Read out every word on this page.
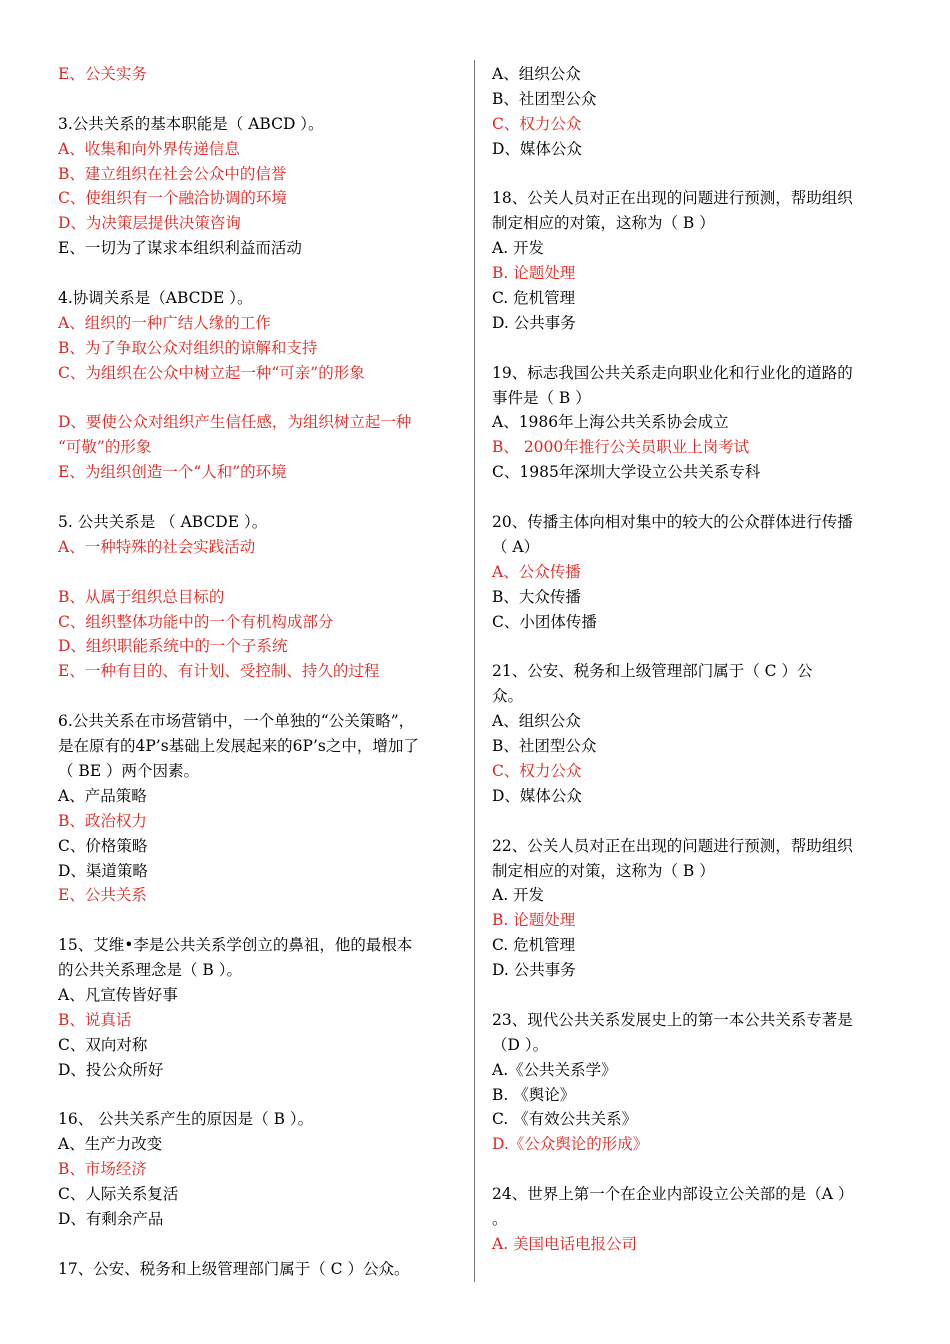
E、公关实务
3.公共关系的基本职能是（ ABCD ）。
A、收集和向外界传递信息
B、建立组织在社会公众中的信誉
C、使组织有一个融洽协调的环境
D、为决策层提供决策咨询
E、一切为了谋求本组织利益而活动
4.协调关系是（ABCDE ）。
A、组织的一种广结人缘的工作
B、为了争取公众对组织的谅解和支持
C、为组织在公众中树立起一种“可亲”的形象
D、要使公众对组织产生信任感，为组织树立起一种
“可敬”的形象
E、为组织创造一个“人和”的环境
5. 公共关系是 （ ABCDE ）。
A、一种特殊的社会实践活动
B、从属于组织总目标的
C、组织整体功能中的一个有机构成部分
D、组织职能系统中的一个子系统
E、一种有目的、有计划、受控制、持久的过程
6.公共关系在市场营销中，一个单独的“公关策略”，
是在原有的4P’s基础上发展起来的6P’s之中，增加了
（ BE ）两个因素。
A、产品策略
B、政治权力
C、价格策略
D、渠道策略
E、公共关系
15、艾维•李是公共关系学创立的鼻祖，他的最根本
的公共关系理念是（ B ）。
A、凡宣传皆好事
B、说真话
C、双向对称
D、投公众所好
16、 公共关系产生的原因是（ B ）。
A、生产力改变
B、市场经济
C、人际关系复活
D、有剩余产品
17、公安、税务和上级管理部门属于（ C ）公众。
A、组织公众
B、社团型公众
C、权力公众
D、媒体公众
18、公关人员对正在出现的问题进行预测，帮助组织
制定相应的对策，这称为（ B ）
A. 开发
B. 论题处理
C. 危机管理
D. 公共事务
19、标志我国公共关系走向职业化和行业化的道路的
事件是（ B ）
A、1986年上海公共关系协会成立
B、 2000年推行公关员职业上岗考试
C、1985年深圳大学设立公共关系专科
20、传播主体向相对集中的较大的公众群体进行传播
（ A）
A、公众传播
B、大众传播
C、小团体传播
21、公安、税务和上级管理部门属于（ C ）公
众。
A、组织公众
B、社团型公众
C、权力公众
D、媒体公众
22、公关人员对正在出现的问题进行预测，帮助组织
制定相应的对策，这称为（ B ）
A. 开发
B. 论题处理
C. 危机管理
D. 公共事务
23、现代公共关系发展史上的第一本公共关系专著是
（D ）。
A.《公共关系学》
B. 《舆论》
C. 《有效公共关系》
D.《公众舆论的形成》
24、世界上第一个在企业内部设立公关部的是（A ）
。
A. 美国电话电报公司
